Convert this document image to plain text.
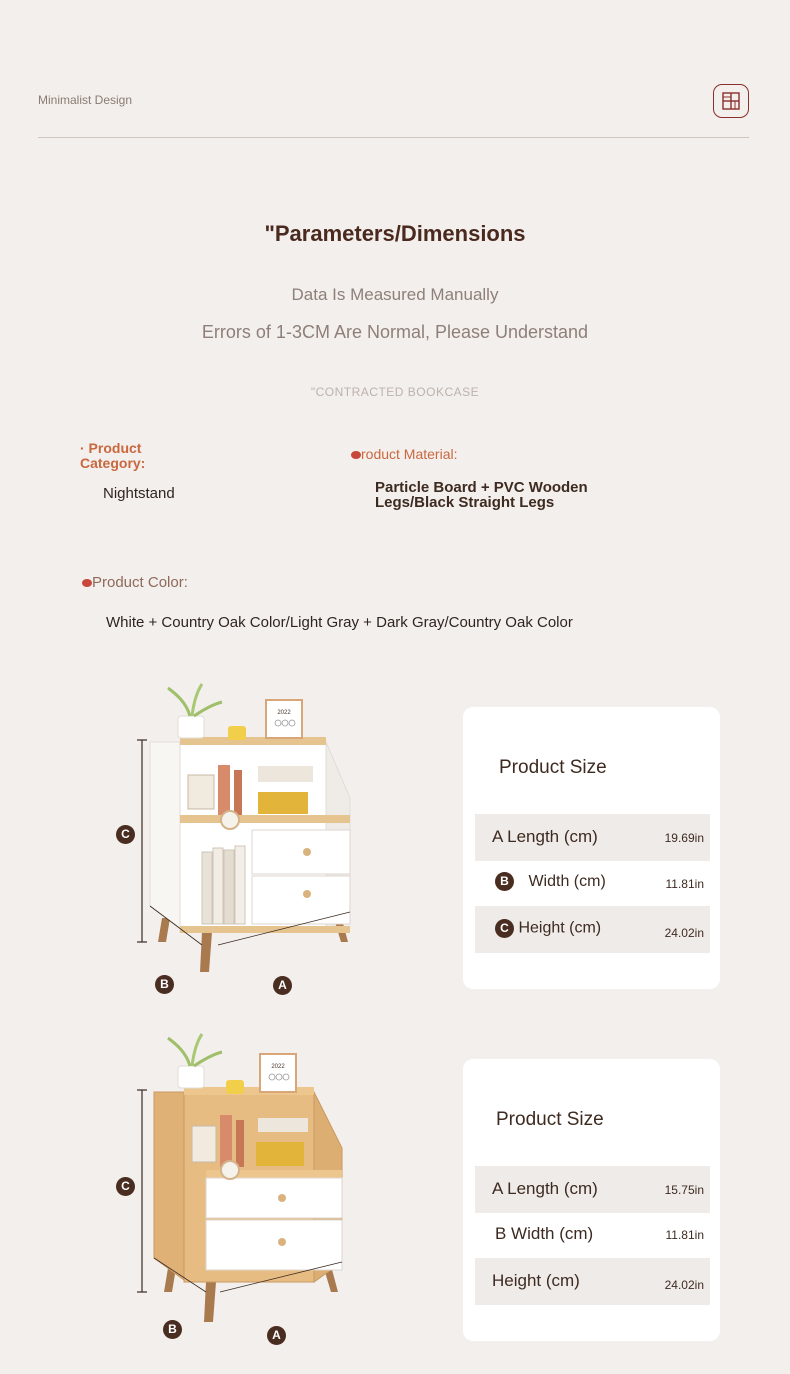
Minimalist Design
"Parameters/Dimensions
Data Is Measured Manually
Errors of 1-3CM Are Normal, Please Understand
"CONTRACTED BOOKCASE
· Product
Category:
Nightstand
roduct Material:
Particle Board + PVC Wooden
Legs/Black Straight Legs
Product Color:
White + Country Oak Color/Light Gray + Dark Gray/Country Oak Color
2022
C
B	A
Product Size
A Length (cm)	19.69in
B Width (cm)	11.81in
C Height (cm)	24.02in
2022
C
B	A
Product Size
A Length (cm)	15.75in
B Width (cm)	11.81in
Height (cm)	24.02in
